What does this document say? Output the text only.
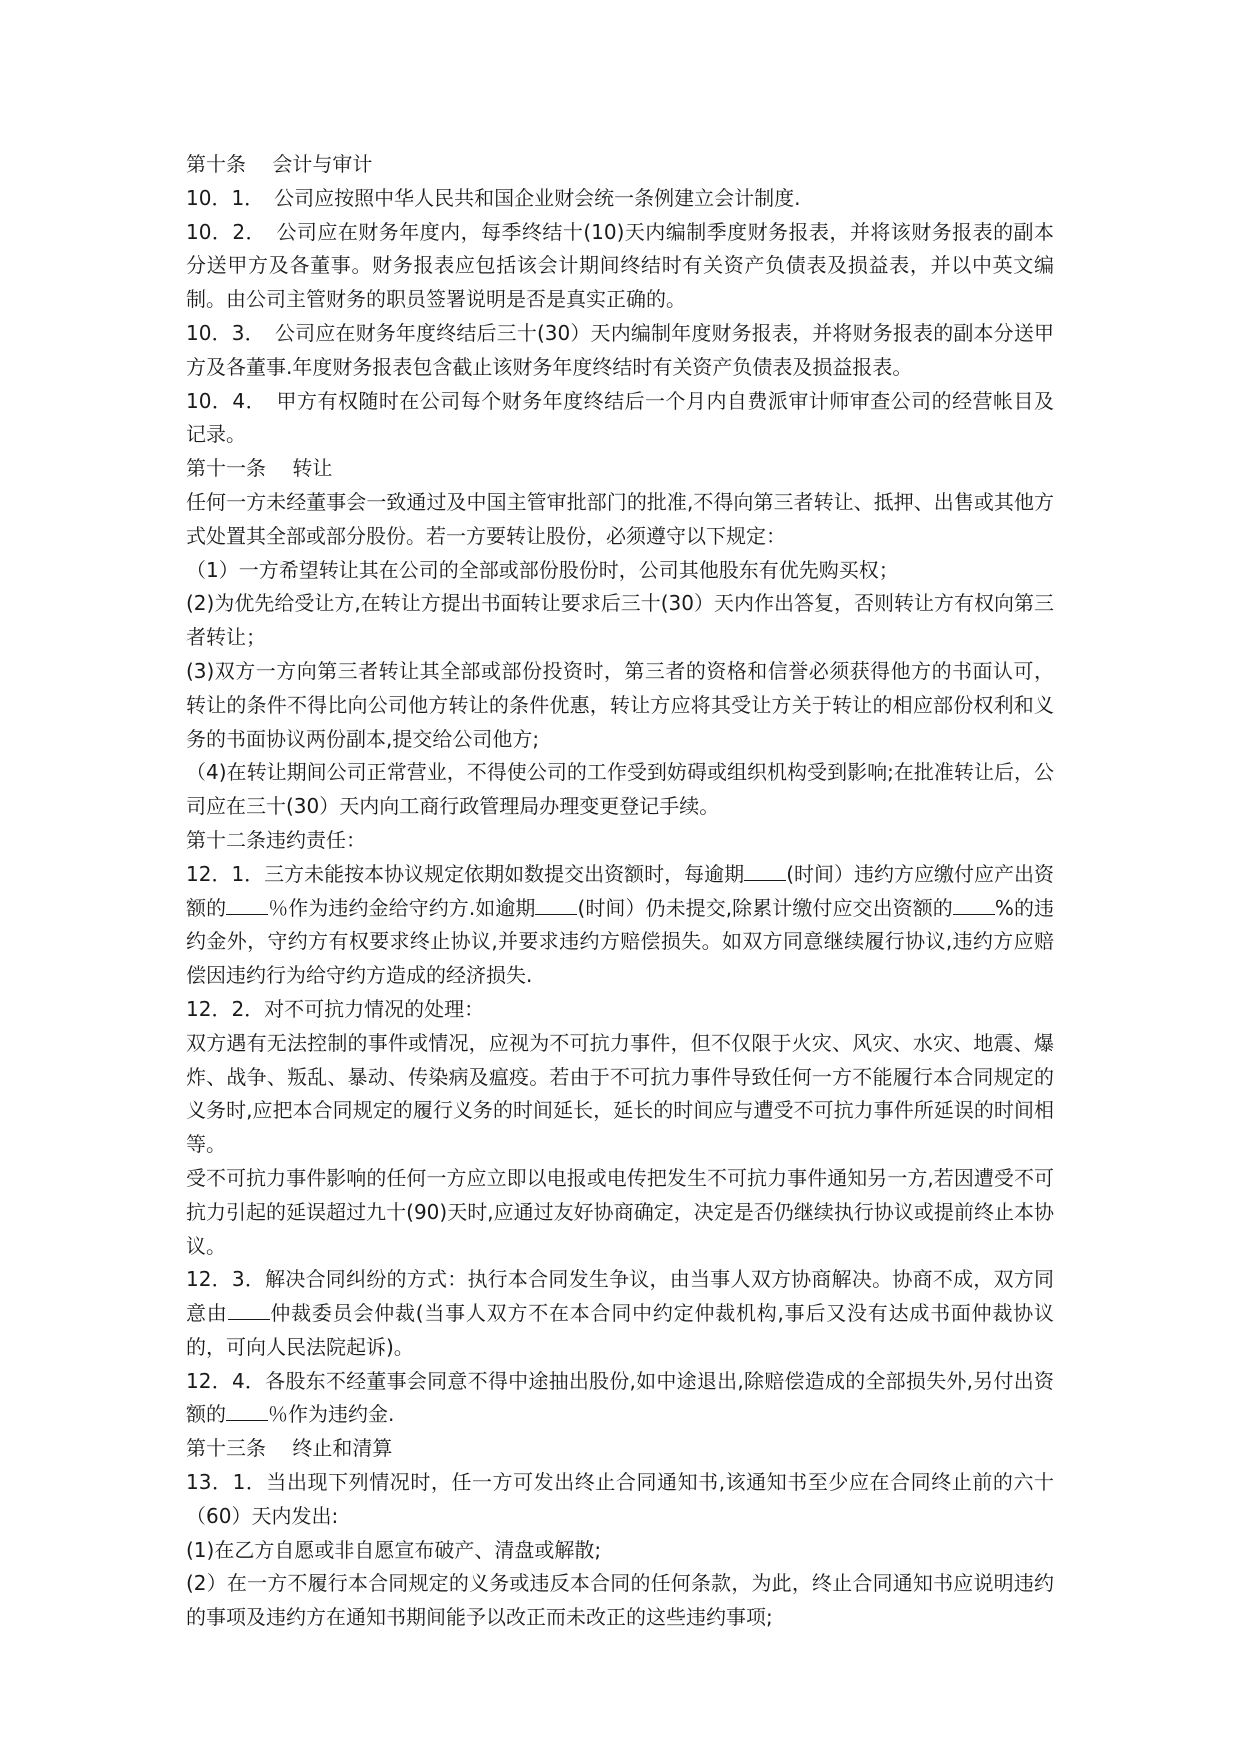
第十条　 会计与审计

10．1．　公司应按照中华人民共和国企业财会统一条例建立会计制度.

10．2．　公司应在财务年度内，每季终结十(10)天内编制季度财务报表，并将该财务报表的副本分送甲方及各董事。财务报表应包括该会计期间终结时有关资产负债表及损益表，并以中英文编制。由公司主管财务的职员签署说明是否是真实正确的。

10．3．　公司应在财务年度终结后三十(30）天内编制年度财务报表，并将财务报表的副本分送甲方及各董事.年度财务报表包含截止该财务年度终结时有关资产负债表及损益报表。

10．4．　甲方有权随时在公司每个财务年度终结后一个月内自费派审计师审查公司的经营帐目及记录。

第十一条　 转让

任何一方未经董事会一致通过及中国主管审批部门的批准,不得向第三者转让、抵押、出售或其他方式处置其全部或部分股份。若一方要转让股份，必须遵守以下规定：

（1）一方希望转让其在公司的全部或部份股份时，公司其他股东有优先购买权；

(2)为优先给受让方,在转让方提出书面转让要求后三十(30）天内作出答复，否则转让方有权向第三者转让；

(3)双方一方向第三者转让其全部或部份投资时，第三者的资格和信誉必须获得他方的书面认可，转让的条件不得比向公司他方转让的条件优惠，转让方应将其受让方关于转让的相应部份权利和义务的书面协议两份副本,提交给公司他方;

（4)在转让期间公司正常营业，不得使公司的工作受到妨碍或组织机构受到影响;在批准转让后，公司应在三十(30）天内向工商行政管理局办理变更登记手续。

第十二条违约责任：

12．1．三方未能按本协议规定依期如数提交出资额时，每逾期 (时间）违约方应缴付应产出资额的 ％作为违约金给守约方.如逾期 (时间）仍未提交,除累计缴付应交出资额的 %的违约金外，守约方有权要求终止协议,并要求违约方赔偿损失。如双方同意继续履行协议,违约方应赔偿因违约行为给守约方造成的经济损失.

12．2．对不可抗力情况的处理：

双方遇有无法控制的事件或情况，应视为不可抗力事件，但不仅限于火灾、风灾、水灾、地震、爆炸、战争、叛乱、暴动、传染病及瘟疫。若由于不可抗力事件导致任何一方不能履行本合同规定的义务时,应把本合同规定的履行义务的时间延长，延长的时间应与遭受不可抗力事件所延误的时间相等。

受不可抗力事件影响的任何一方应立即以电报或电传把发生不可抗力事件通知另一方,若因遭受不可抗力引起的延误超过九十(90)天时,应通过友好协商确定，决定是否仍继续执行协议或提前终止本协议。

12．3．解决合同纠纷的方式：执行本合同发生争议，由当事人双方协商解决。协商不成，双方同意由 仲裁委员会仲裁(当事人双方不在本合同中约定仲裁机构,事后又没有达成书面仲裁协议的，可向人民法院起诉)。

12．4．各股东不经董事会同意不得中途抽出股份,如中途退出,除赔偿造成的全部损失外,另付出资额的 ％作为违约金.

第十三条　 终止和清算

13．1．当出现下列情况时，任一方可发出终止合同通知书,该通知书至少应在合同终止前的六十（60）天内发出:

(1)在乙方自愿或非自愿宣布破产、清盘或解散;

(2）在一方不履行本合同规定的义务或违反本合同的任何条款，为此，终止合同通知书应说明违约的事项及违约方在通知书期间能予以改正而未改正的这些违约事项;
